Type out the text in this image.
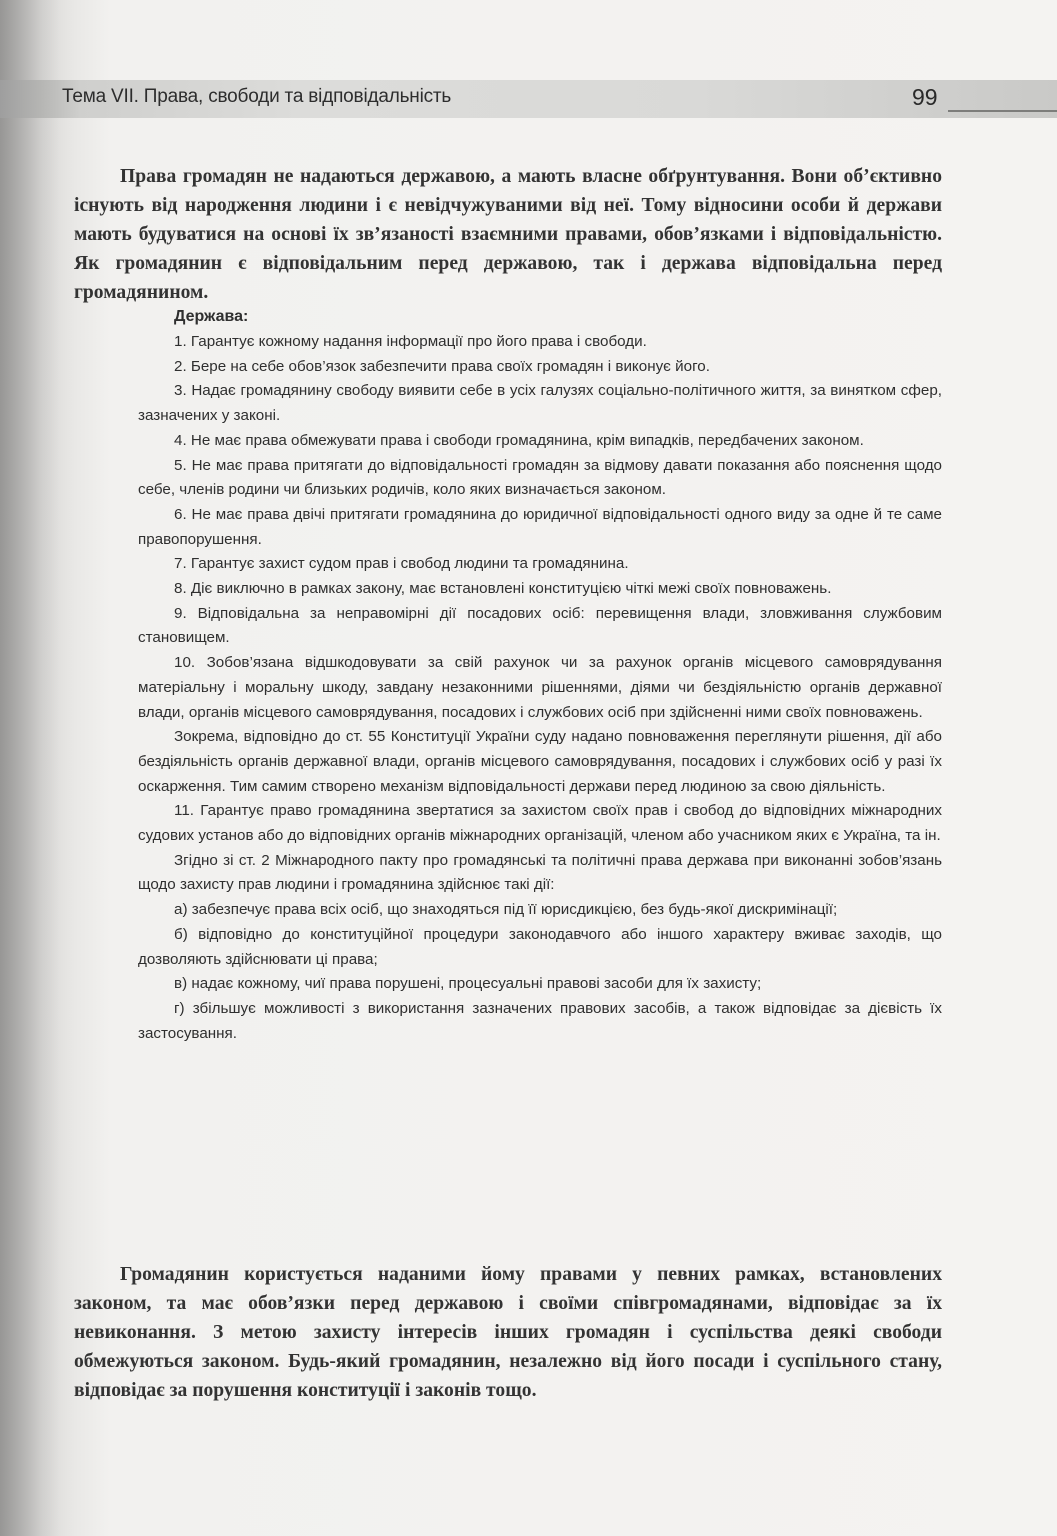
Тема VII. Права, свободи та відповідальність	99

Права громадян не надаються державою, а мають власне обґрунтування. Вони об’єктивно існують від народження людини і є невідчужуваними від неї. Тому відносини особи й держави мають будуватися на основі їх зв’язаності взаємними правами, обов’язками і відповідальністю. Як громадянин є відповідальним перед державою, так і держава відповідальна перед громадянином.

Держава:

1. Гарантує кожному надання інформації про його права і свободи.

2. Бере на себе обов’язок забезпечити права своїх громадян і виконує його.

3. Надає громадянину свободу виявити себе в усіх галузях соціально-політичного життя, за винятком сфер, зазначених у законі.

4. Не має права обмежувати права і свободи громадянина, крім випадків, передбачених законом.

5. Не має права притягати до відповідальності громадян за відмову давати показання або пояснення щодо себе, членів родини чи близьких родичів, коло яких визначається законом.

6. Не має права двічі притягати громадянина до юридичної відповідальності одного виду за одне й те саме правопорушення.

7. Гарантує захист судом прав і свобод людини та громадянина.

8. Діє виключно в рамках закону, має встановлені конституцією чіткі межі своїх повноважень.

9. Відповідальна за неправомірні дії посадових осіб: перевищення влади, зловживання службовим становищем.

10. Зобов’язана відшкодовувати за свій рахунок чи за рахунок органів місцевого самоврядування матеріальну і моральну шкоду, завдану незаконними рішеннями, діями чи бездіяльністю органів державної влади, органів місцевого самоврядування, посадових і службових осіб при здійсненні ними своїх повноважень.

Зокрема, відповідно до ст. 55 Конституції України суду надано повноваження переглянути рішення, дії або бездіяльність органів державної влади, органів місцевого самоврядування, посадових і службових осіб у разі їх оскарження. Тим самим створено механізм відповідальності держави перед людиною за свою діяльність.

11. Гарантує право громадянина звертатися за захистом своїх прав і свобод до відповідних міжнародних судових установ або до відповідних органів міжнародних організацій, членом або учасником яких є Україна, та ін.

Згідно зі ст. 2 Міжнародного пакту про громадянські та політичні права держава при виконанні зобов’язань щодо захисту прав людини і громадянина здійснює такі дії:

а) забезпечує права всіх осіб, що знаходяться під її юрисдикцією, без будь-якої дискримінації;

б) відповідно до конституційної процедури законодавчого або іншого характеру вживає заходів, що дозволяють здійснювати ці права;

в) надає кожному, чиї права порушені, процесуальні правові засоби для їх захисту;

г) збільшує можливості з використання зазначених правових засобів, а також відповідає за дієвість їх застосування.

Громадянин користується наданими йому правами у певних рамках, встановлених законом, та має обов’язки перед державою і своїми співгромадянами, відповідає за їх невиконання. З метою захисту інтересів інших громадян і суспільства деякі свободи обмежуються законом. Будь-який громадянин, незалежно від його посади і суспільного стану, відповідає за порушення конституції і законів тощо.
